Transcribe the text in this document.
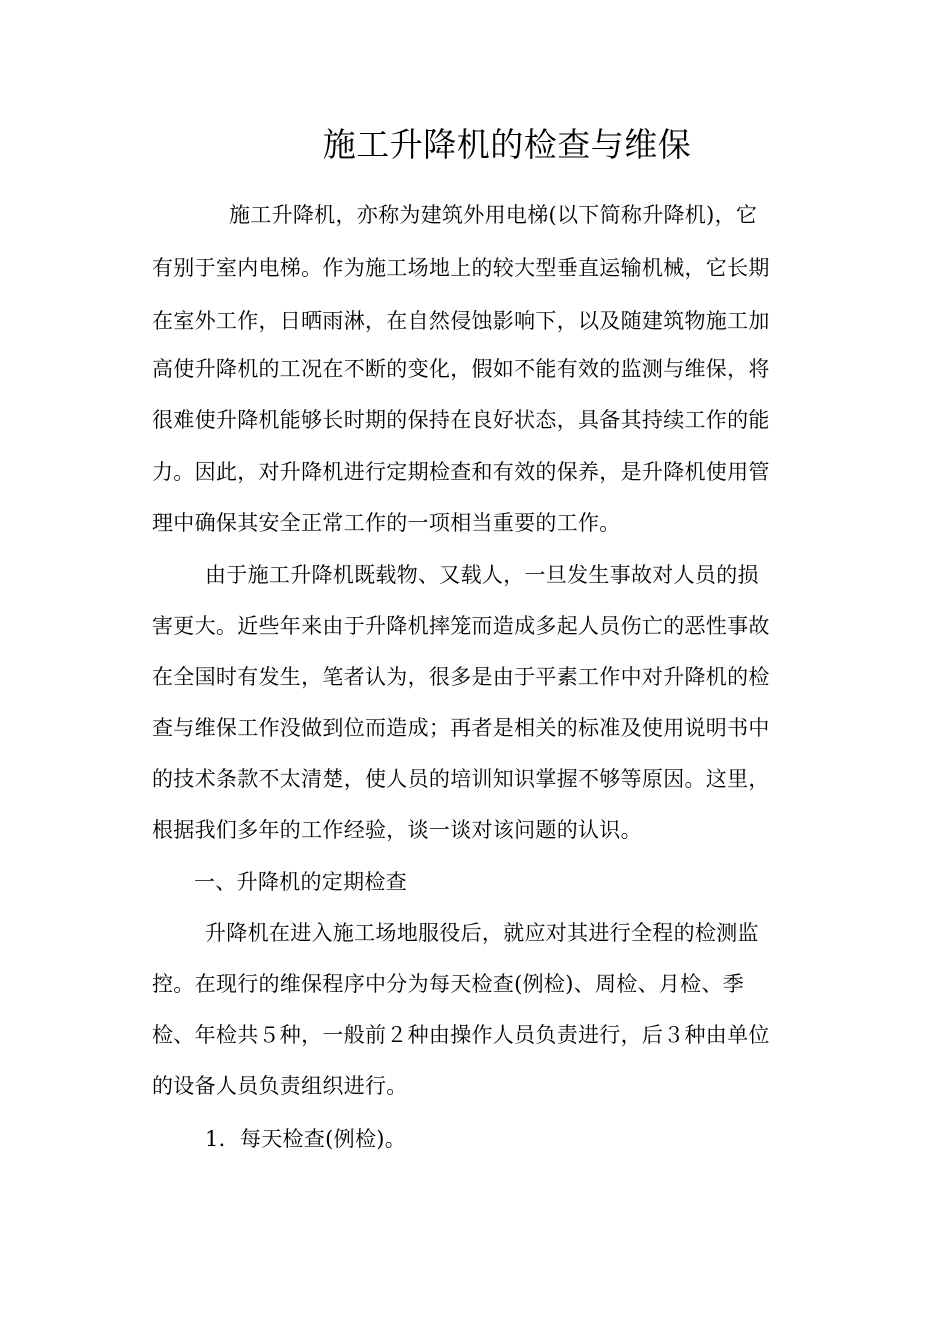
施工升降机的检查与维保
施工升降机，亦称为建筑外用电梯(以下简称升降机)，它
有别于室内电梯。作为施工场地上的较大型垂直运输机械，它长期
在室外工作，日晒雨淋，在自然侵蚀影响下，以及随建筑物施工加
高使升降机的工况在不断的变化，假如不能有效的监测与维保，将
很难使升降机能够长时期的保持在良好状态，具备其持续工作的能
力。因此，对升降机进行定期检查和有效的保养，是升降机使用管
理中确保其安全正常工作的一项相当重要的工作。
由于施工升降机既载物、又载人，一旦发生事故对人员的损
害更大。近些年来由于升降机摔笼而造成多起人员伤亡的恶性事故
在全国时有发生，笔者认为，很多是由于平素工作中对升降机的检
查与维保工作没做到位而造成；再者是相关的标准及使用说明书中
的技术条款不太清楚，使人员的培训知识掌握不够等原因。这里，
根据我们多年的工作经验，谈一谈对该问题的认识。
一、升降机的定期检查
升降机在进入施工场地服役后，就应对其进行全程的检测监
控。在现行的维保程序中分为每天检查(例检)、周检、月检、季
检、年检共５种，一般前２种由操作人员负责进行，后３种由单位
的设备人员负责组织进行。
1．每天检查(例检)。
